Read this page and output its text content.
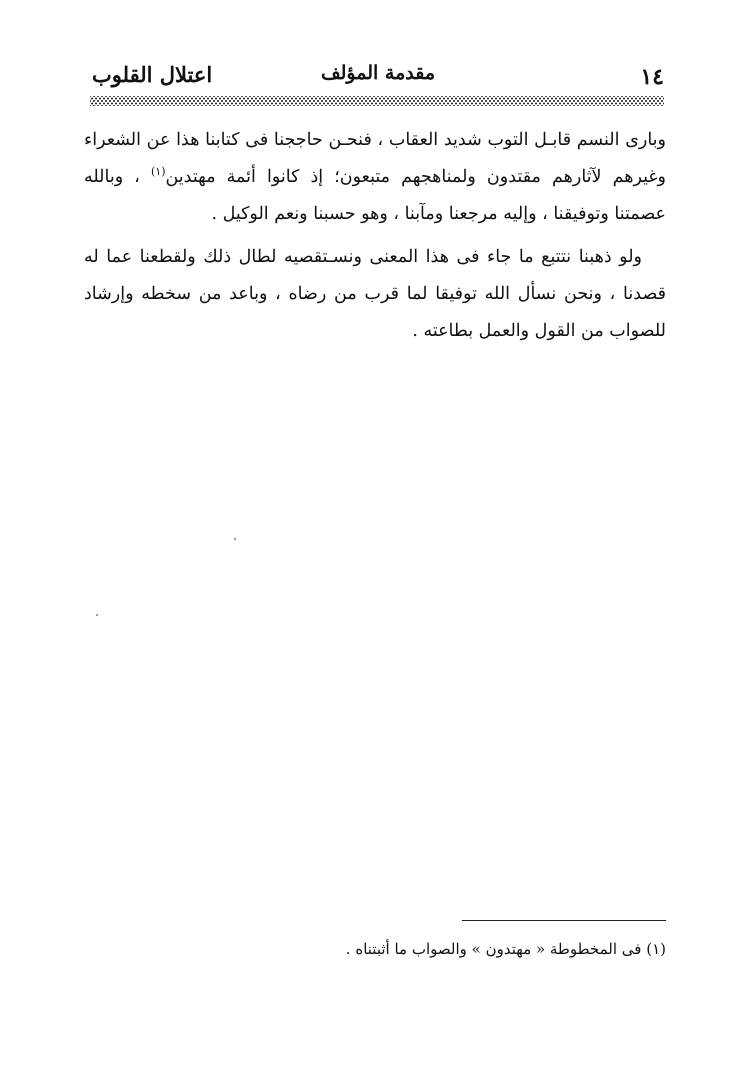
١٤
مقدمة المؤلف
اعتلال القلوب

وبارى النسم قابـل التوب شديد العقاب ، فنحـن حاججنا فى كتابنا هذا عن الشعراء وغيرهم لآثارهم مقتدون ولمناهجهم متبعون؛ إذ كانوا أئمة مهتدين$^{(١)}$ ، وبالله عصمتنا وتوفيقنا ، وإليه مرجعنا ومآبنا ، وهو حسبنا ونعم الوكيل .

ولو ذهبنا نتتبع ما جاء فى هذا المعنى ونسـتقصيه لطال ذلك ولقطعنا عما له قصدنا ، ونحن نسأل الله توفيقا لما قرب من رضاه ، وباعد من سخطه وإرشاد للصواب من القول والعمل بطاعته .

(١) فى المخطوطة « مهتدون » والصواب ما أثبتناه .
